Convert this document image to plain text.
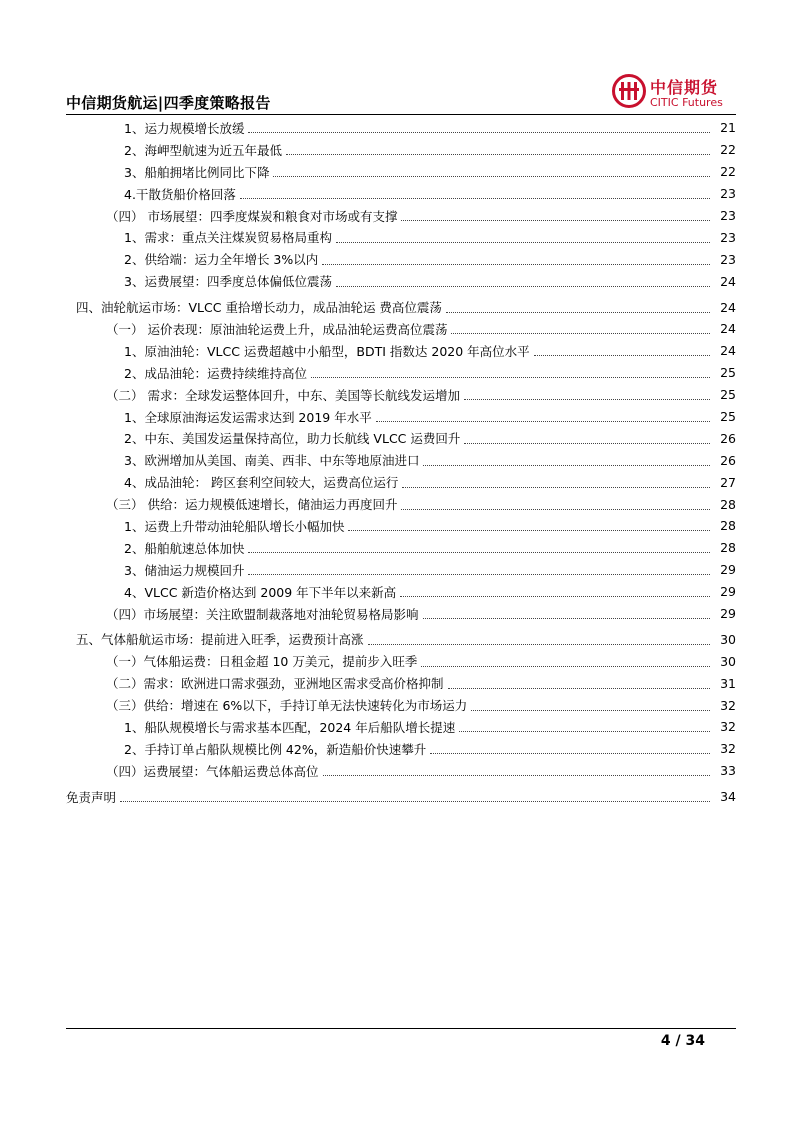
中信期货航运|四季度策略报告
中信期货
CITIC Futures
1、运力规模增长放缓	21
2、海岬型航速为近五年最低	22
3、船舶拥堵比例同比下降	22
4.干散货船价格回落	23
（四） 市场展望：四季度煤炭和粮食对市场或有支撑	23
1、需求：重点关注煤炭贸易格局重构	23
2、供给端：运力全年增长 3%以内	23
3、运费展望：四季度总体偏低位震荡	24
四、油轮航运市场：VLCC 重拾增长动力，成品油轮运 费高位震荡	24
（一） 运价表现：原油油轮运费上升，成品油轮运费高位震荡	24
1、原油油轮：VLCC 运费超越中小船型，BDTI 指数达 2020 年高位水平	24
2、成品油轮：运费持续维持高位	25
（二） 需求：全球发运整体回升，中东、美国等长航线发运增加	25
1、全球原油海运发运需求达到 2019 年水平	25
2、中东、美国发运量保持高位，助力长航线 VLCC 运费回升	26
3、欧洲增加从美国、南美、西非、中东等地原油进口	26
4、成品油轮： 跨区套利空间较大，运费高位运行	27
（三） 供给：运力规模低速增长，储油运力再度回升	28
1、运费上升带动油轮船队增长小幅加快	28
2、船舶航速总体加快	28
3、储油运力规模回升	29
4、VLCC 新造价格达到 2009 年下半年以来新高	29
（四）市场展望：关注欧盟制裁落地对油轮贸易格局影响	29
五、气体船航运市场：提前进入旺季，运费预计高涨	30
（一）气体船运费：日租金超 10 万美元，提前步入旺季	30
（二）需求：欧洲进口需求强劲，亚洲地区需求受高价格抑制	31
（三）供给：增速在 6%以下，手持订单无法快速转化为市场运力	32
1、船队规模增长与需求基本匹配，2024 年后船队增长提速	32
2、手持订单占船队规模比例 42%，新造船价快速攀升	32
（四）运费展望：气体船运费总体高位	33
免责声明	34
4 / 34
